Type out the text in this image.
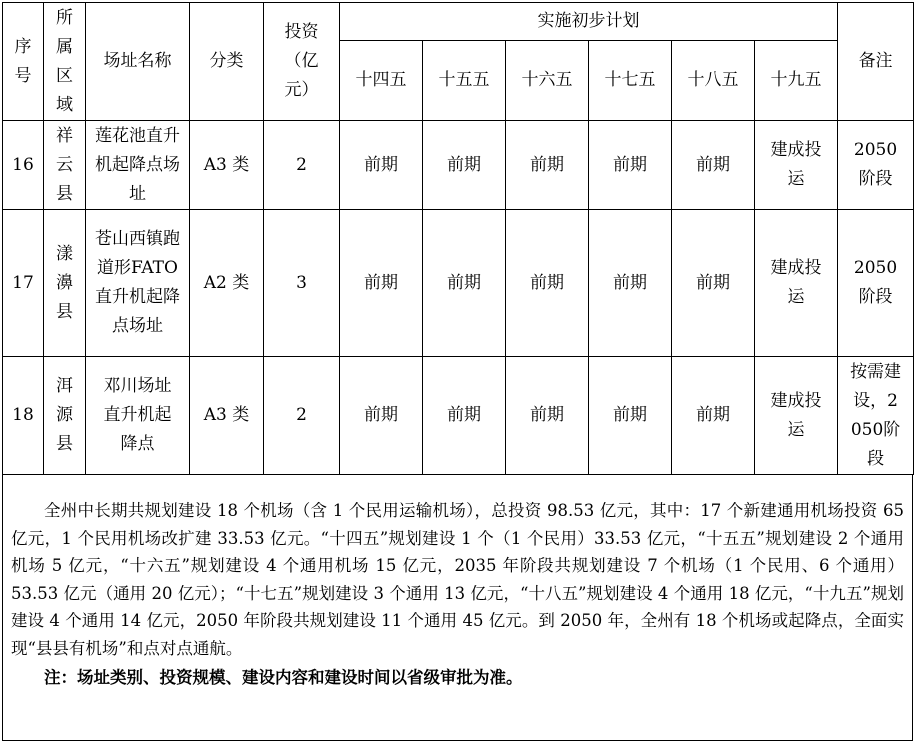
序号	所属区域	场址名称	分类	投资（亿元）	实施初步计划						备注
					十四五	十五五	十六五	十七五	十八五	十九五	
16	祥云县	莲花池直升机起降点场址	A3 类	2	前期	前期	前期	前期	前期	建成投运	2050阶段
17	漾濞县	苍山西镇跑道形FATO 直升机起降点场址	A2 类	3	前期	前期	前期	前期	前期	建成投运	2050阶段
18	洱源县	邓川场址直升机起降点	A3 类	2	前期	前期	前期	前期	前期	建成投运	按需建设，2050阶段
全州中长期共规划建设 18 个机场（含 1 个民用运输机场），总投资 98.53 亿元，其中：17 个新建通用机场投资 65 亿元，1 个民用机场改扩建 33.53 亿元。“十四五”规划建设 1 个（1 个民用）33.53 亿元，“十五五”规划建设 2 个通用机场 5 亿元，“十六五”规划建设 4 个通用机场 15 亿元，2035 年阶段共规划建设 7 个机场（1 个民用、6 个通用）53.53 亿元（通用 20 亿元）；“十七五”规划建设 3 个通用 13 亿元，“十八五”规划建设 4 个通用 18 亿元，“十九五”规划建设 4 个通用 14 亿元，2050 年阶段共规划建设 11 个通用 45 亿元。到 2050 年，全州有 18 个机场或起降点，全面实现“县县有机场”和点对点通航。
注：场址类别、投资规模、建设内容和建设时间以省级审批为准。
